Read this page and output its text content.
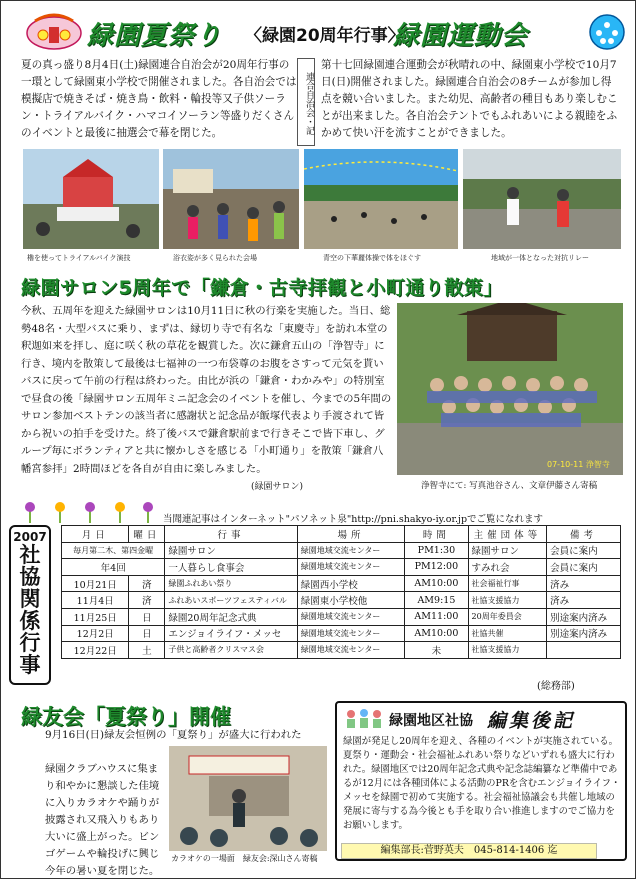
緑園夏祭り 〈緑園20周年行事〉
緑園運動会
夏の真っ盛り8月4日(土)緑園連合自治会が20周年行事の一環として緑園東小学校で開催されました。各自治会では模擬店で焼きそば・焼き鳥・飲料・輪投等又子供ソーラン・トライアルバイク・ハマコイソーラン等盛りだくさんのイベントと最後に抽選会で幕を閉じた。	連合自治会・記
第十七回緑園連合運動会が秋晴れの中、緑園東小学校で10月7日(日)開催されました。緑園連合自治会の8チームが参加し得点を競い合いました。また幼児、高齢者の種目もあり楽しむことが出来ました。各自治会テントでもふれあいによる親睦をふかめて快い汗を流すことができました。
櫓を使ってトライアルバイク演技	浴衣姿が多く見られた会場	青空の下華麗体操で体をほぐす	地域が一体となった対抗リレー
緑園サロン5周年で「鎌倉・古寺拝観と小町通り散策」
今秋、五周年を迎えた緑園サロンは10月11日に秋の行楽を実施した。当日、総勢48名・大型バスに乗り、まずは、縁切り寺で有名な「東慶寺」を訪れ本堂の釈迦如来を拝し、庭に咲く秋の草花を観賞した。次に鎌倉五山の「浄智寺」に行き、境内を散策して最後は七福神の一つ布袋尊のお腹をさすって元気を貰いバスに戻って午前の行程は終わった。由比が浜の「鎌倉・わかみや」の特別室で昼食の後「緑園サロン五周年ミニ記念会のイベントを催し、今までの5年間のサロン参加ベストテンの該当者に感謝状と記念品が飯塚代表より手渡されて皆から祝いの拍手を受けた。終了後バスで鎌倉駅前まで行きそこで皆下車し、グループ毎にボランティアと共に懐かしさを感じる「小町通り」を散策「鎌倉八幡宮参拝」2時間ほどを各自が自由に楽しみました。
(緑園サロン)
07-10-11 浄智寺
浄智寺にて: 写真池谷さん、文章伊藤さん寄稿
当聞連記事はインターネット"パソネット泉"http://pni.shakyo-iy.or.jpでご覧になれます
2007
社
協
関
係
行
事
月日	曜日	行事	場所	時間	主催団体等	備考
毎月第二木、第四金曜		緑園サロン	緑園地域交流センター	PM1:30	緑園サロン	会員に案内
年4回		一人暮らし食事会	緑園地域交流センター	PM12:00	すみれ会	会員に案内
10月21日	済	緑園ふれあい祭り	緑園西小学校	AM10:00	社会福祉行事	済み
11月4日	済	ふれあいスポーツフェスティバル	緑園東小学校他	AM9:15	社協支援協力	済み
11月25日	日	緑園20周年記念式典	緑園地域交流センター	AM11:00	20周年委員会	別途案内済み
12月2日	日	エンジョイライフ・メッセ	緑園地域交流センター	AM10:00	社協共催	別途案内済み
12月22日	土	子供と高齢者クリスマス会	緑園地域交流センター	未	社協支援協力	
(総務部)
緑友会「夏祭り」開催
9月16日(日)緑友会恒例の「夏祭り」が盛大に行われた
緑園クラブハウスに集まり和やかに懇談した佳境に入りカラオケや踊りが披露され又飛入りもあり大いに盛上がった。ビンゴゲームや輪投げに興じ今年の暑い夏を閉じた。
カラオケの一場面　緑友会:深山さん寄稿
緑園地区社協 編集後記
緑園が発足し20周年を迎え、各種のイベントが実施されている。夏祭り・運動会・社会福祉ふれあい祭りなどいずれも盛大に行われた。緑園地区では20周年記念式典や記念誌編纂など準備中であるが12月には各種団体による活動のPRを含むエンジョイライフ・メッセを緑園で初めて実施する。社会福祉協議会も共催し地域の発展に寄与する為今後とも手を取り合い推進しますのでご協力をお願いします。
編集部長:菅野英夫　045-814-1406 迄
